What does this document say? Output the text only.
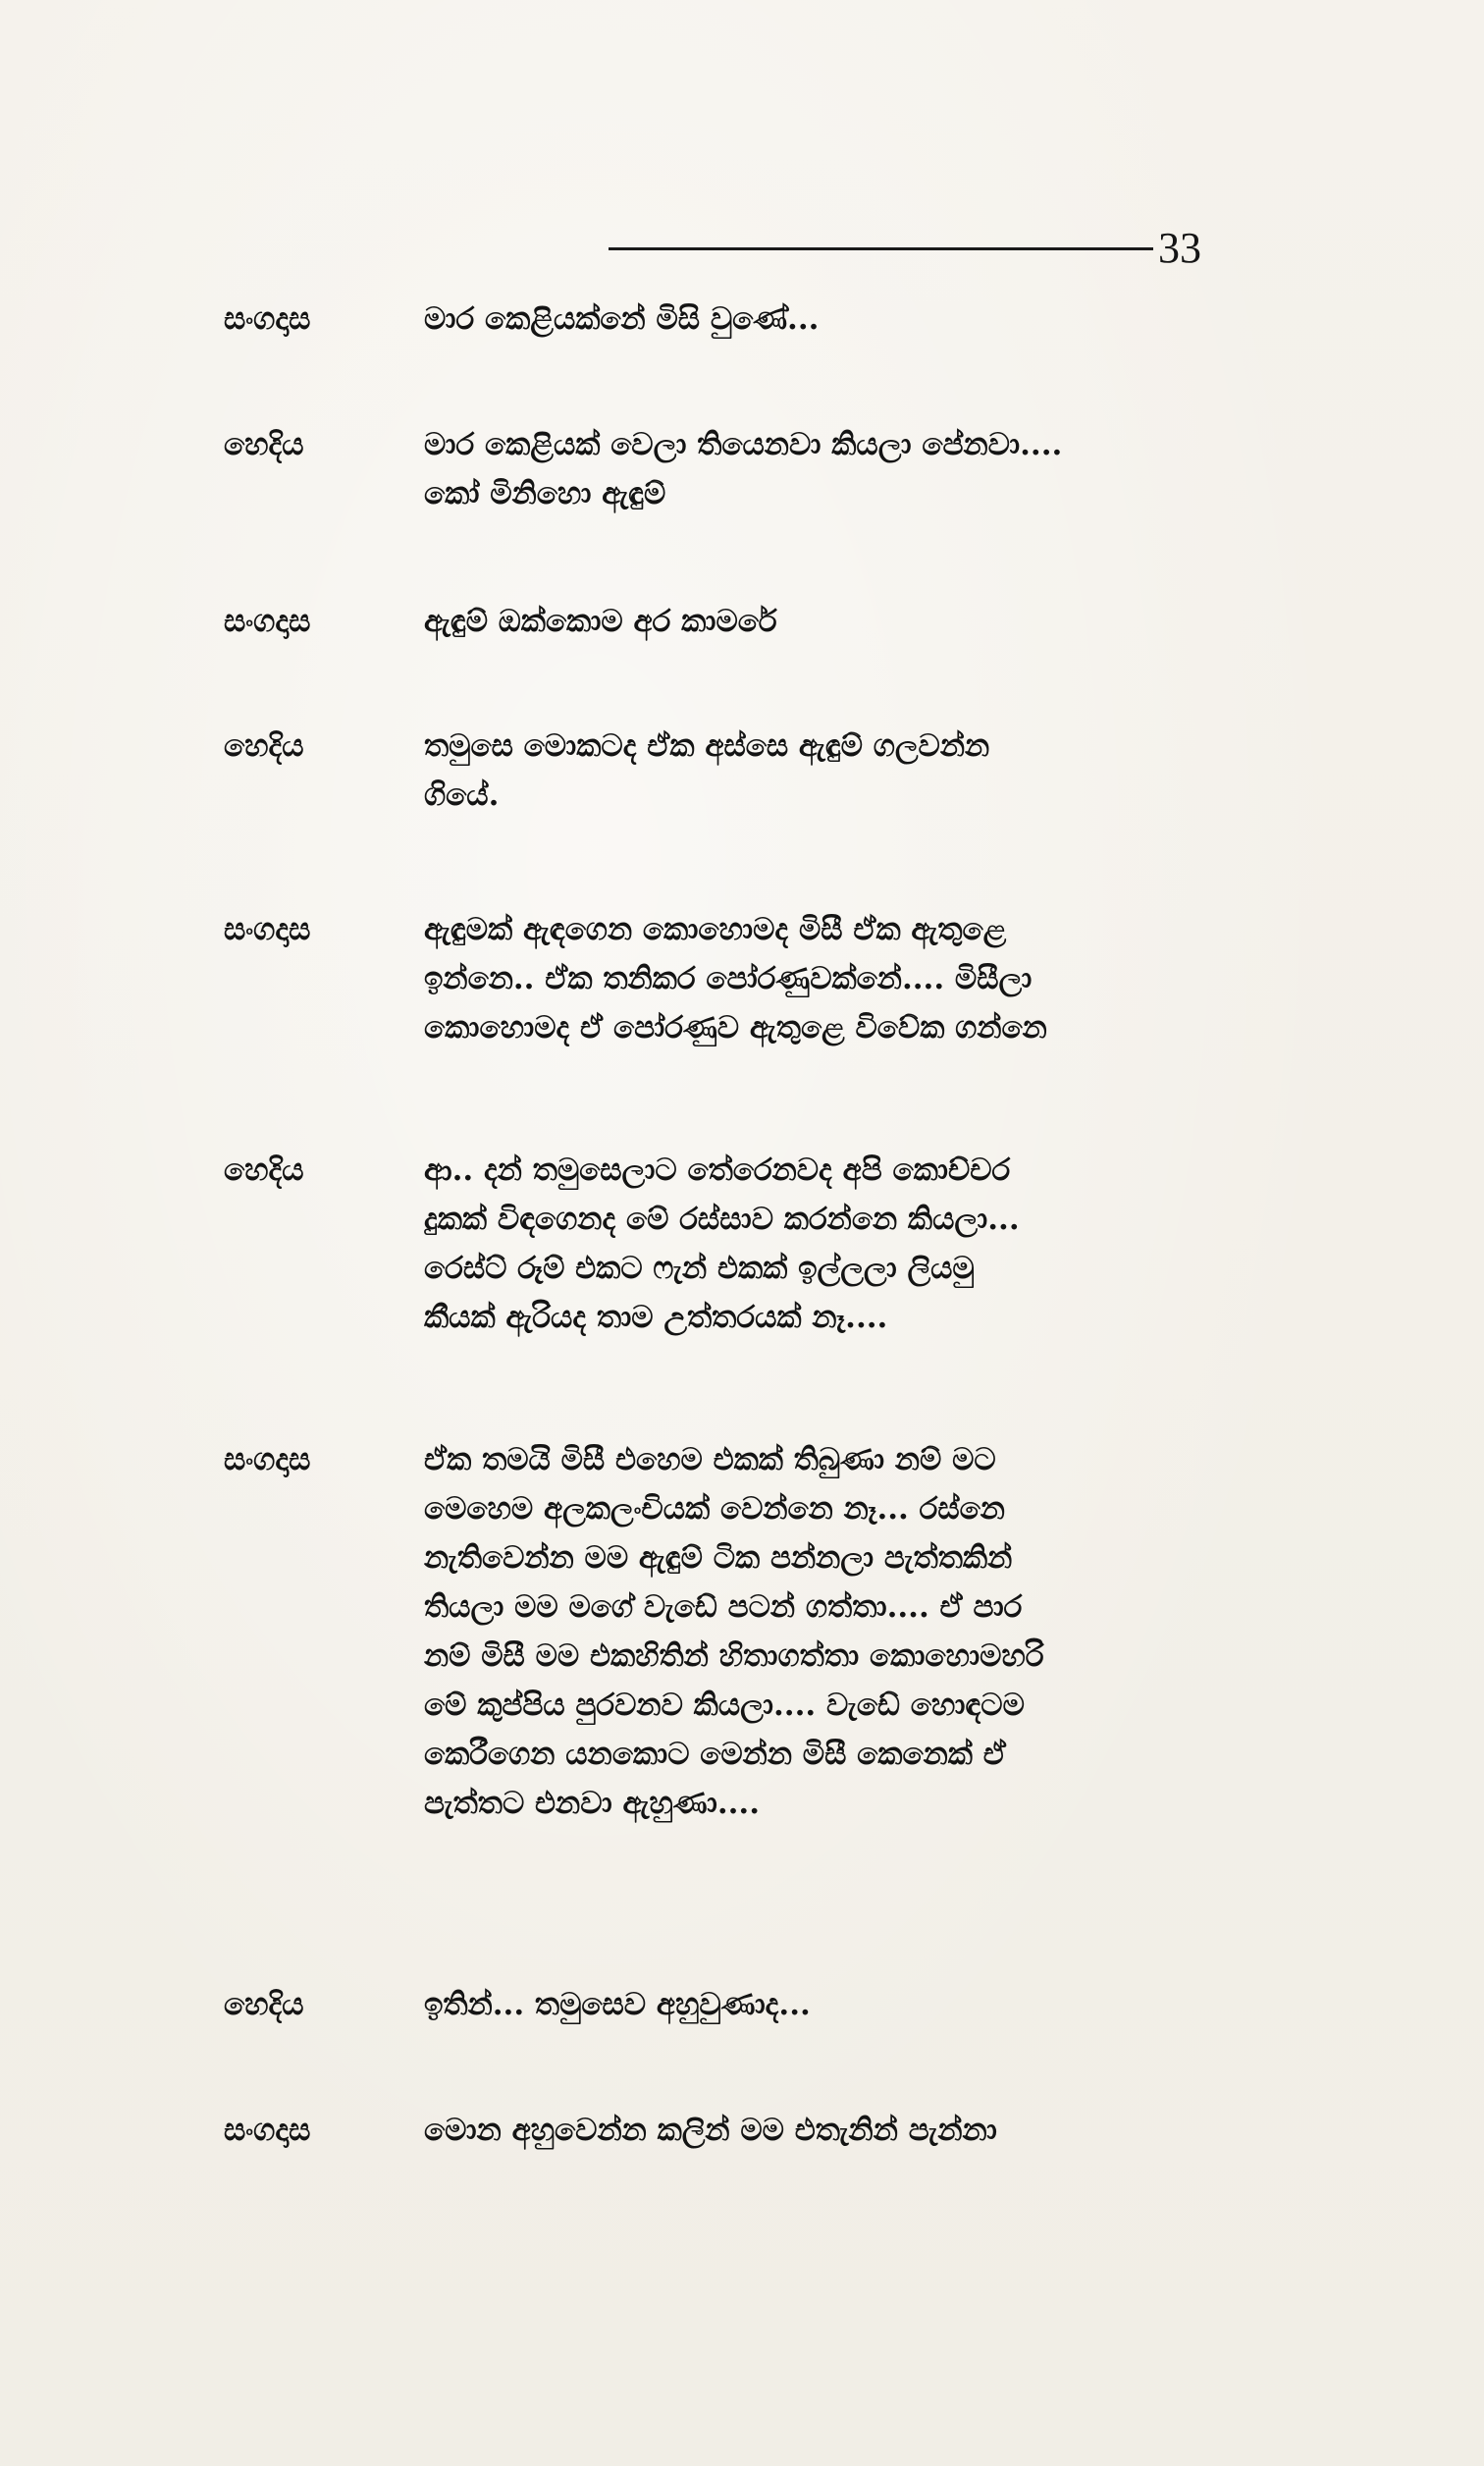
33
සංගදාස	මාර කෙළියක්නේ මිසි වුණේ...
හෙදිය	මාර කෙළියක් වෙලා තියෙනවා කියලා පේනවා....
කෝ මිනිහො ඇඳුම්
සංගදාස	ඇඳුම් ඔක්කොම අර කාමරේ
හෙදිය	තමුසෙ මොකටද ඒක අස්සෙ ඇඳුම් ගලවන්න
ගියේ.
සංගදාස	ඇඳුමක් ඇඳගෙන කොහොමද මිසී ඒක ඇතුළෙ
ඉන්නෙ.. ඒක තනිකර පෝරණුවක්නේ.... මිසීලා
කොහොමද ඒ පෝරණුව ඇතුළෙ විවේක ගන්නෙ
හෙදිය	ආ.. දන් තමුසෙලාට තේරෙනවද අපි කොච්චර
දුකක් විඳගෙනද මේ රස්සාව කරන්නෙ කියලා...
රෙස්ට් රූම් එකට ෆැන් එකක් ඉල්ලලා ලියමු
කීයක් ඇරියද තාම උත්තරයක් නෑ....
සංගදාස	ඒක තමයි මිසී එහෙම එකක් තිබුණා නම් මට
මෙහෙම අලකලංචියක් වෙන්නෙ නෑ... රස්නෙ
නැතිවෙන්න මම ඇඳුම් ටික පන්නලා පැත්තකින්
තියලා මම මගේ වැඩේ පටන් ගත්තා.... ඒ පාර
නම් මිසී මම එකහිතින් හිතාගත්තා කොහොමහරි
මේ කුප්පිය පුරවනව කියලා.... වැඩේ හොඳටම
කෙරීගෙන යනකොට මෙන්න මිසී කෙනෙක් ඒ
පැත්තට එනවා ඇහුණා....
හෙදිය	ඉතින්... තමුසෙව අහුවුණාද...
සංගදාස	මොන අහුවෙන්න කලින් මම එතැනින් පැන්නා
